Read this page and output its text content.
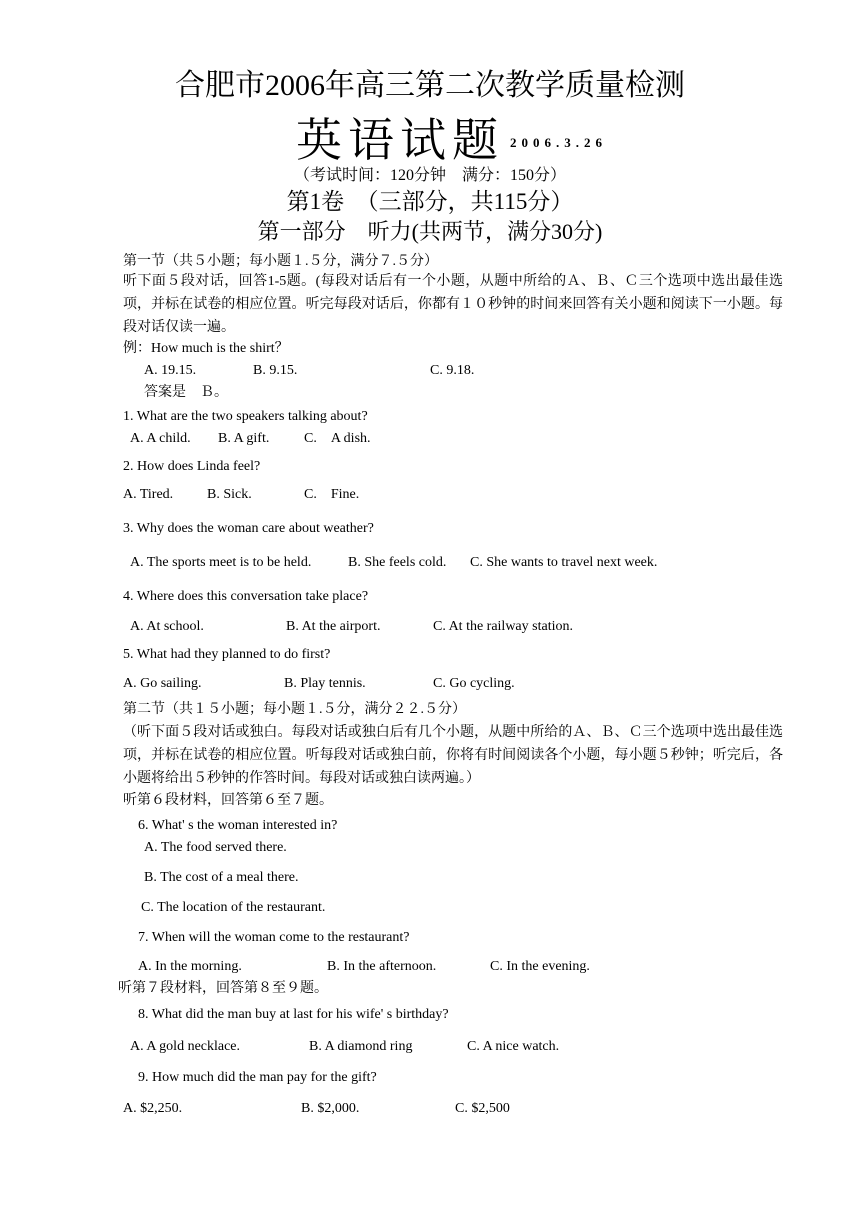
合肥市2006年高三第二次教学质量检测
英语试题 2006.3.26
（考试时间：120分钟　满分：150分）
第1卷　（三部分，共115分）
第一部分　听力(共两节，满分30分)
第一节（共５小题；每小题１.５分，满分７.５分）
听下面５段对话，回答1-5题。(每段对话后有一个小题，从题中所给的Ａ、Ｂ、Ｃ三个选项中选出最佳选项，并标在试卷的相应位置。听完每段对话后，你都有１０秒钟的时间来回答有关小题和阅读下一小题。每段对话仅读一遍。
例：How much is the shirt？
A. 19.15.	B. 9.15.	C. 9.18.
答案是　Ｂ。
1. What are the two speakers talking about?
A. A child. B. A gift. C.　A dish.
2. How does Linda feel?
A. Tired. B. Sick.	C.　Fine.
3. Why does the woman care about weather?
A. The sports meet is to be held.	B. She feels cold. C. She wants to travel next week.
4. Where does this conversation take place?
A. At school.	B. At the airport.	C. At the railway station.
5. What had they planned to do first?
A. Go sailing.	B. Play tennis.	C. Go cycling.
第二节（共１５小题；每小题１.５分，满分２２.５分）
（听下面５段对话或独白。每段对话或独白后有几个小题，从题中所给的Ａ、Ｂ、Ｃ三个选项中选出最佳选项，并标在试卷的相应位置。听每段对话或独白前，你将有时间阅读各个小题，每小题５秒钟；听完后，各小题将给出５秒钟的作答时间。每段对话或独白读两遍。）
听第６段材料，回答第６至７题。
6. What' s the woman interested in?
A. The food served there.
B. The cost of a meal there.
C. The location of the restaurant.
7. When will the woman come to the restaurant?
A. In the morning.	B. In the afternoon.	C. In the evening.
听第７段材料，回答第８至９题。
8. What did the man buy at last for his wife' s birthday?
A. A gold necklace.	B. A diamond ring	C. A nice watch.
9. How much did the man pay for the gift?
A. $2,250.	B. $2,000.	C. $2,500
